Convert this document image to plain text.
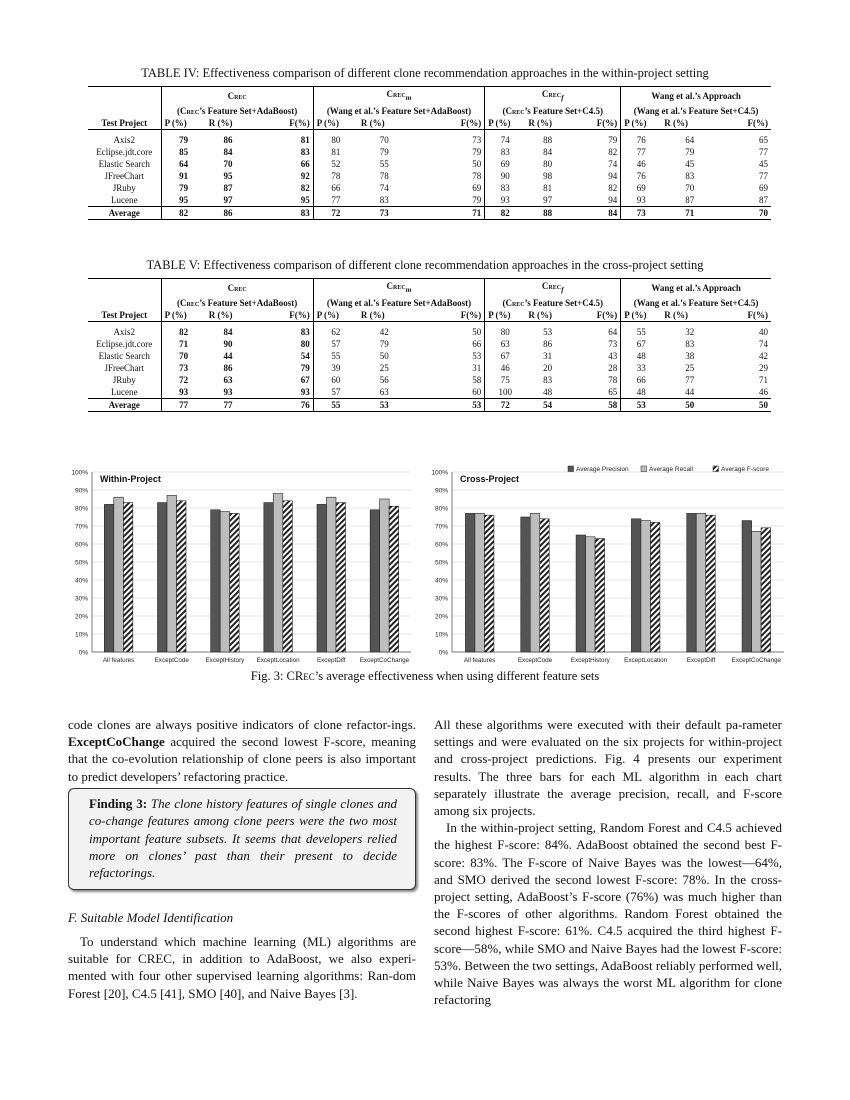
TABLE IV: Effectiveness comparison of different clone recommendation approaches in the within-project setting
	Crec			Crec$_m$			Crec$_f$			Wang et al.’s Approach		
	(Crec’s Feature Set+AdaBoost)			(Wang et al.’s Feature Set+AdaBoost)			(Crec’s Feature Set+C4.5)			(Wang et al.’s Feature Set+C4.5)		
Test Project	P (%)	R (%)	F(%)	P (%)	R (%)	F(%)	P (%)	R (%)	F(%)	P (%)	R (%)	F(%)
Axis2	79	86	81	80	70	73	74	88	79	76	64	65
Eclipse.jdt.core	85	84	83	81	79	79	83	84	82	77	79	77
Elastic Search	64	70	66	52	55	50	69	80	74	46	45	45
JFreeChart	91	95	92	78	78	78	90	98	94	76	83	77
JRuby	79	87	82	66	74	69	83	81	82	69	70	69
Lucene	95	97	95	77	83	79	93	97	94	93	87	87
Average	82	86	83	72	73	71	82	88	84	73	71	70
TABLE V: Effectiveness comparison of different clone recommendation approaches in the cross-project setting
	Crec			Crec$_m$			Crec$_f$			Wang et al.’s Approach		
	(Crec’s Feature Set+AdaBoost)			(Wang et al.’s Feature Set+AdaBoost)			(Crec’s Feature Set+C4.5)			(Wang et al.’s Feature Set+C4.5)		
Test Project	P (%)	R (%)	F(%)	P (%)	R (%)	F(%)	P (%)	R (%)	F(%)	P (%)	R (%)	F(%)
Axis2	82	84	83	62	42	50	80	53	64	55	32	40
Eclipse.jdt.core	71	90	80	57	79	66	63	86	73	67	83	74
Elastic Search	70	44	54	55	50	53	67	31	43	48	38	42
JFreeChart	73	86	79	39	25	31	46	20	28	33	25	29
JRuby	72	63	67	60	56	58	75	83	78	66	77	71
Lucene	93	93	93	57	63	60	100	48	65	48	44	46
Average	77	77	76	55	53	53	72	54	58	53	50	50
0%
10%
20%
30%
40%
50%
60%
70%
80%
90%
100%
Within-Project
All features	ExceptCode	ExceptHistory ExceptLocation	ExceptDiff ExceptCoChange
0%
10%
20%
30%
40%
50%
60%
70%
80%
90%
100%
Cross-Project
All features	ExceptCode	ExceptHistory ExceptLocation	ExceptDiff	ExceptCoChange
Average Precision	Average Recall	Average F-score
Fig. 3: CRec’s average effectiveness when using different feature sets

code clones are always positive indicators of clone refactor-ings. ExceptCoChange acquired the second lowest F-score, meaning that the co-evolution relationship of clone peers is also important to predict developers’ refactoring practice.

Finding 3: The clone history features of single clones and co-change features among clone peers were the two most important feature subsets. It seems that developers relied more on clones’ past than their present to decide refactorings.
F. Suitable Model Identification

To understand which machine learning (ML) algorithms are suitable for CREC, in addition to AdaBoost, we also experi-mented with four other supervised learning algorithms: Ran-dom Forest [20], C4.5 [41], SMO [40], and Naive Bayes [3].

All these algorithms were executed with their default pa-rameter settings and were evaluated on the six projects for within-project and cross-project predictions. Fig. 4 presents our experiment results. The three bars for each ML algorithm in each chart separately illustrate the average precision, recall, and F-score among six projects.

In the within-project setting, Random Forest and C4.5 achieved the highest F-score: 84%. AdaBoost obtained the second best F-score: 83%. The F-score of Naive Bayes was the lowest—64%, and SMO derived the second lowest F-score: 78%. In the cross-project setting, AdaBoost’s F-score (76%) was much higher than the F-scores of other algorithms. Random Forest obtained the second highest F-score: 61%. C4.5 acquired the third highest F-score—58%, while SMO and Naive Bayes had the lowest F-score: 53%. Between the two settings, AdaBoost reliably performed well, while Naive Bayes was always the worst ML algorithm for clone refactoring
